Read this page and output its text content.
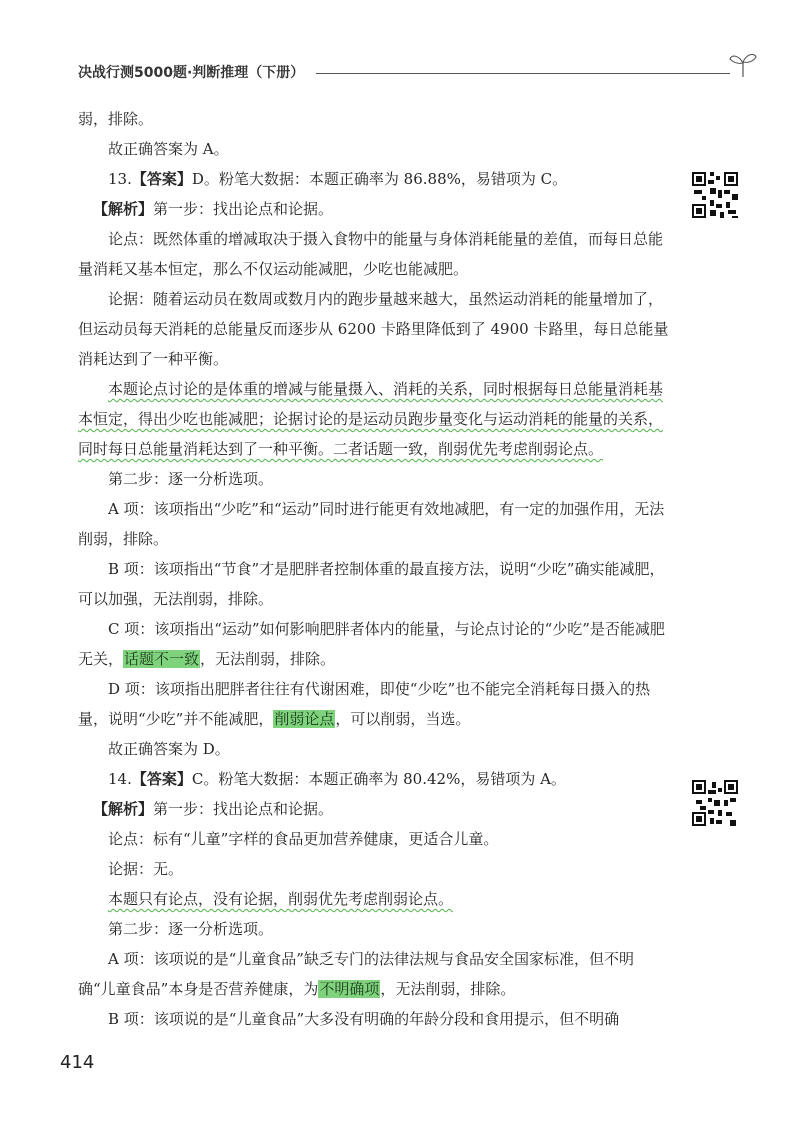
决战行测5000题·判断推理（下册）

弱，排除。

故正确答案为 A。

13.【答案】D。粉笔大数据：本题正确率为 86.88%，易错项为 C。

【解析】第一步：找出论点和论据。

论点：既然体重的增减取决于摄入食物中的能量与身体消耗能量的差值，而每日总能量消耗又基本恒定，那么不仅运动能减肥，少吃也能减肥。

论据：随着运动员在数周或数月内的跑步量越来越大，虽然运动消耗的能量增加了，但运动员每天消耗的总能量反而逐步从 6200 卡路里降低到了 4900 卡路里，每日总能量消耗达到了一种平衡。

本题论点讨论的是体重的增减与能量摄入、消耗的关系，同时根据每日总能量消耗基本恒定，得出少吃也能减肥；论据讨论的是运动员跑步量变化与运动消耗的能量的关系，同时每日总能量消耗达到了一种平衡。二者话题一致，削弱优先考虑削弱论点。

第二步：逐一分析选项。

A 项：该项指出“少吃”和“运动”同时进行能更有效地减肥，有一定的加强作用，无法削弱，排除。

B 项：该项指出“节食”才是肥胖者控制体重的最直接方法，说明“少吃”确实能减肥，可以加强，无法削弱，排除。

C 项：该项指出“运动”如何影响肥胖者体内的能量，与论点讨论的“少吃”是否能减肥无关，话题不一致，无法削弱，排除。

D 项：该项指出肥胖者往往有代谢困难，即使“少吃”也不能完全消耗每日摄入的热量，说明“少吃”并不能减肥，削弱论点，可以削弱，当选。

故正确答案为 D。

14.【答案】C。粉笔大数据：本题正确率为 80.42%，易错项为 A。

【解析】第一步：找出论点和论据。

论点：标有“儿童”字样的食品更加营养健康，更适合儿童。

论据：无。

本题只有论点，没有论据，削弱优先考虑削弱论点。

第二步：逐一分析选项。

A 项：该项说的是“儿童食品”缺乏专门的法律法规与食品安全国家标准，但不明确“儿童食品”本身是否营养健康，为不明确项，无法削弱，排除。

B 项：该项说的是“儿童食品”大多没有明确的年龄分段和食用提示，但不明确

414
